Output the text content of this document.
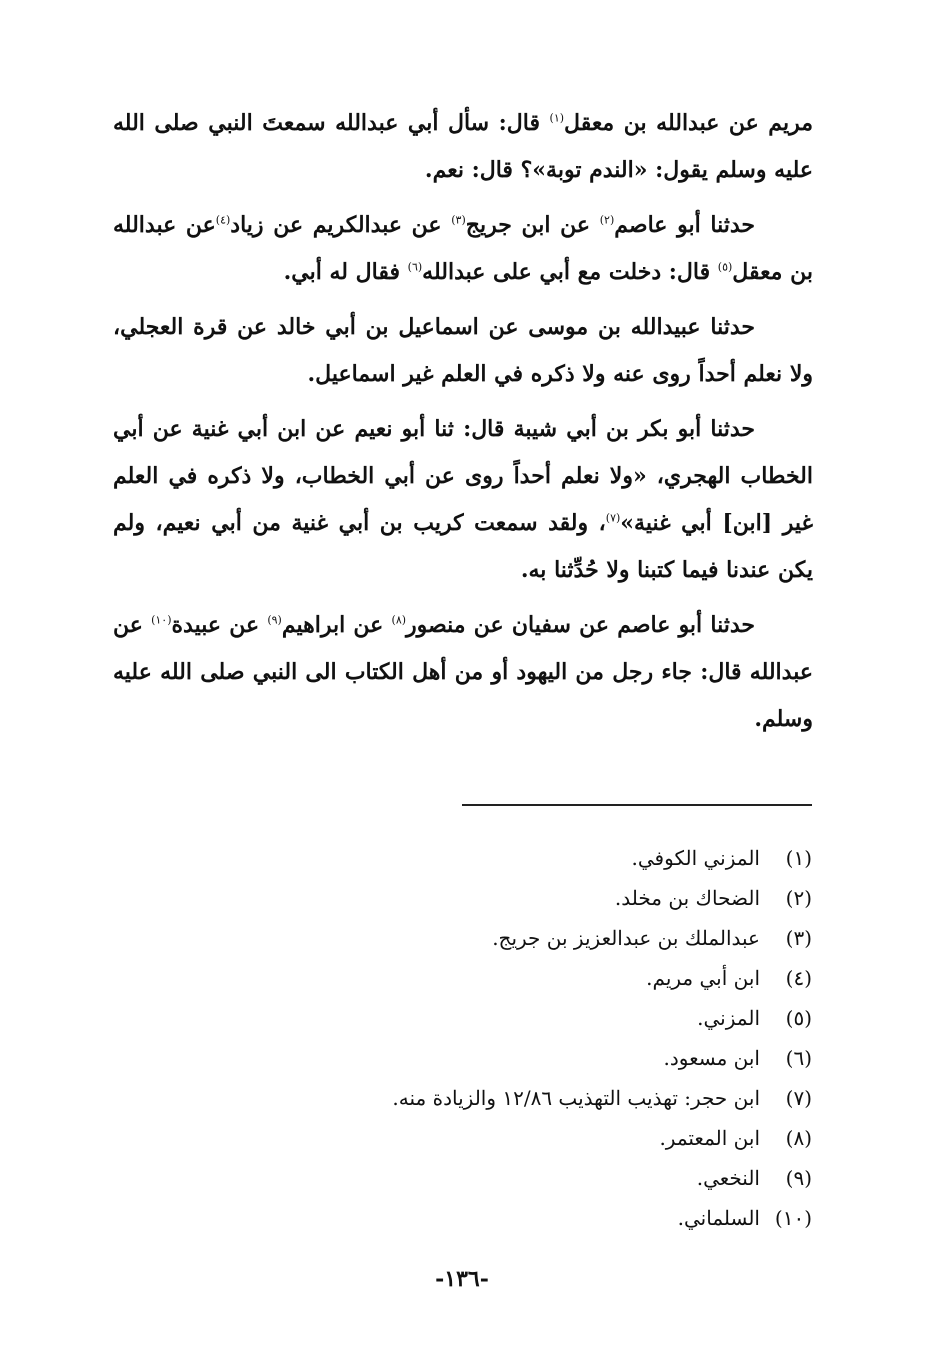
مريم عن عبدالله بن معقل$^{(١)}$ قال: سأل أبي عبدالله سمعتَ النبي صلى الله عليه وسلم يقول: «الندم توبة»؟ قال: نعم.

حدثنا أبو عاصم$^{(٢)}$ عن ابن جريج$^{(٣)}$ عن عبدالكريم عن زياد$^{(٤)}$عن عبدالله بن معقل$^{(٥)}$ قال: دخلت مع أبي على عبدالله$^{(٦)}$ فقال له أبي.

حدثنا عبيدالله بن موسى عن اسماعيل بن أبي خالد عن قرة العجلي، ولا نعلم أحداً روى عنه ولا ذكره في العلم غير اسماعيل.

حدثنا أبو بكر بن أبي شيبة قال: ثنا أبو نعيم عن ابن أبي غنية عن أبي الخطاب الهجري، «ولا نعلم أحداً روى عن أبي الخطاب، ولا ذكره في العلم غير [ابن] أبي غنية»$^{(٧)}$، ولقد سمعت كريب بن أبي غنية من أبي نعيم، ولم يكن عندنا فيما كتبنا ولا حُدِّثنا به.

حدثنا أبو عاصم عن سفيان عن منصور$^{(٨)}$ عن ابراهيم$^{(٩)}$ عن عبيدة$^{(١٠)}$ عن عبدالله قال: جاء رجل من اليهود أو من أهل الكتاب الى النبي صلى الله عليه وسلم.

(١)المزني الكوفي.
(٢)الضحاك بن مخلد.
(٣)عبدالملك بن عبدالعزيز بن جريج.
(٤)ابن أبي مريم.
(٥)المزني.
(٦)ابن مسعود.
(٧)ابن حجر: تهذيب التهذيب ١٢/٨٦ والزيادة منه.
(٨)ابن المعتمر.
(٩)النخعي.
(١٠)السلماني.
-١٣٦-
